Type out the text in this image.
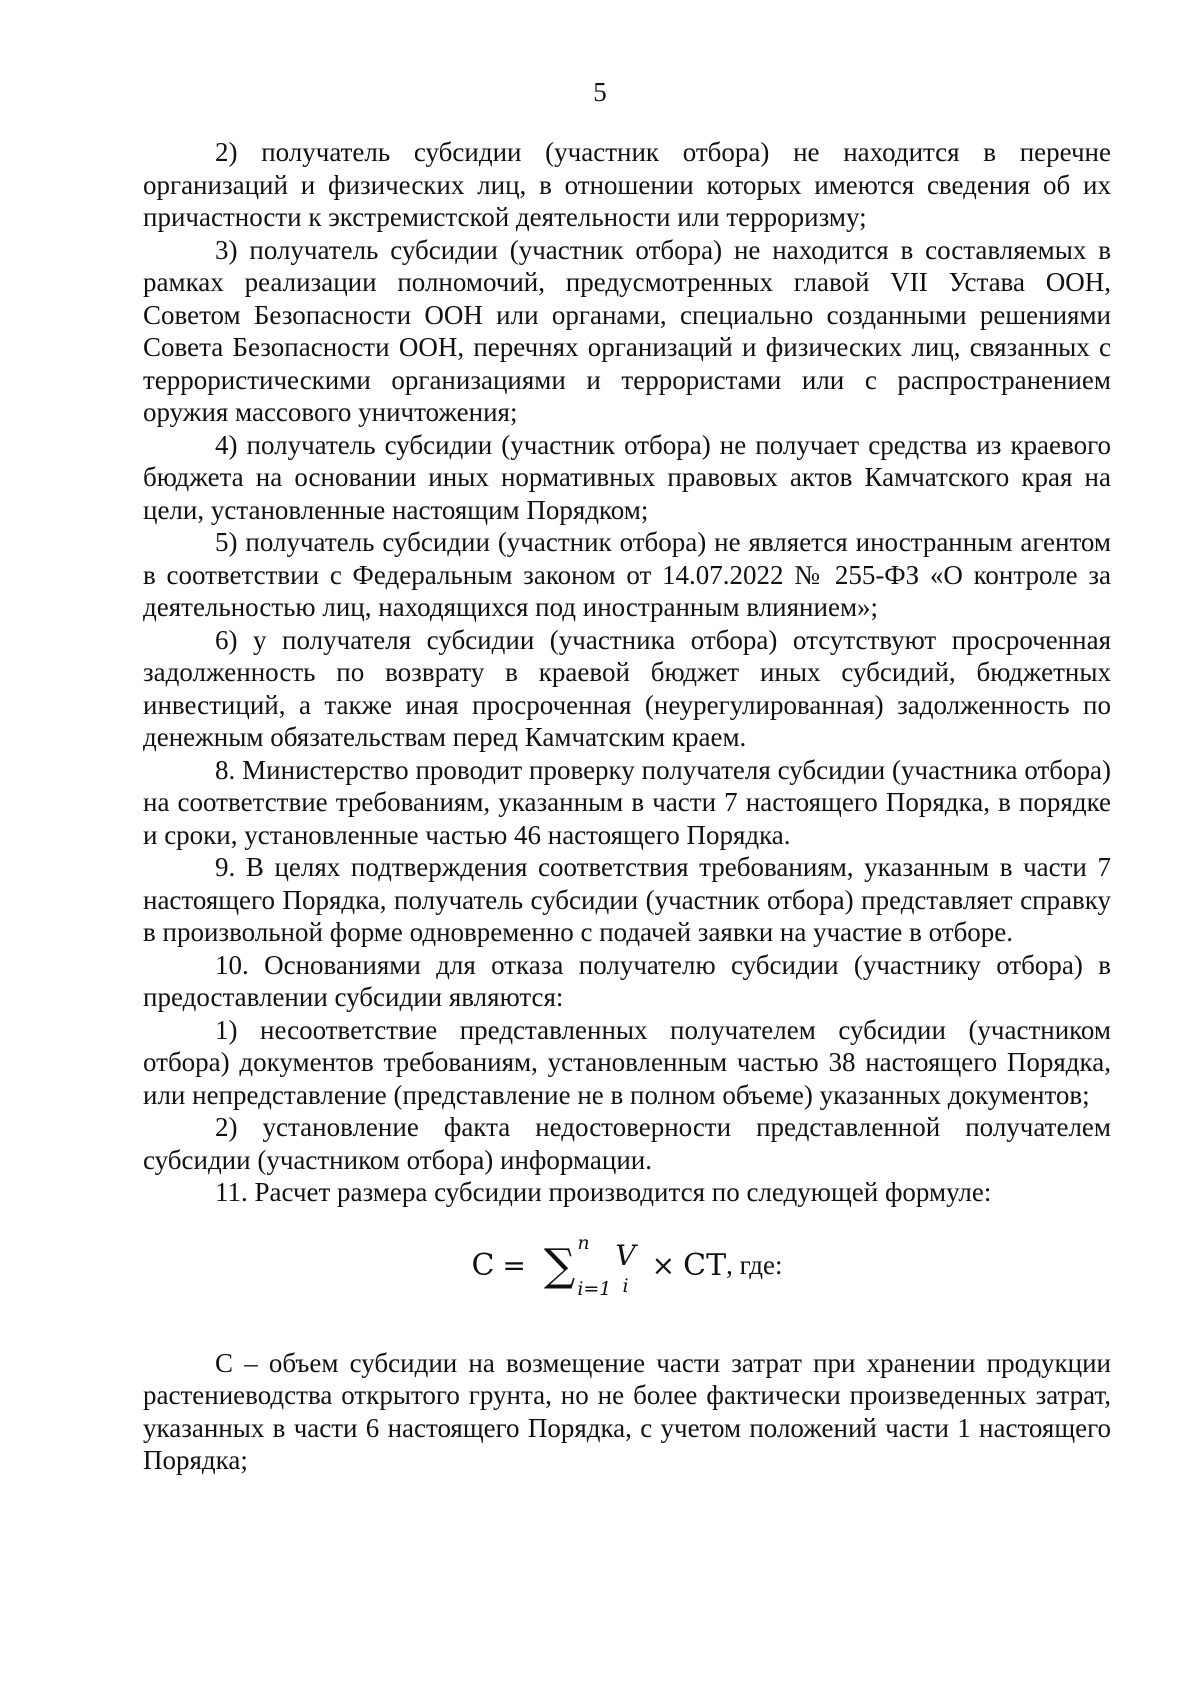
5

2) получатель субсидии (участник отбора) не находится в перечне организаций и физических лиц, в отношении которых имеются сведения об их причастности к экстремистской деятельности или терроризму;

3) получатель субсидии (участник отбора) не находится в составляемых в рамках реализации полномочий, предусмотренных главой VII Устава ООН, Советом Безопасности ООН или органами, специально созданными решениями Совета Безопасности ООН, перечнях организаций и физических лиц, связанных с террористическими организациями и террористами или с распространением оружия массового уничтожения;

4) получатель субсидии (участник отбора) не получает средства из краевого бюджета на основании иных нормативных правовых актов Камчатского края на цели, установленные настоящим Порядком;

5) получатель субсидии (участник отбора) не является иностранным агентом в соответствии с Федеральным законом от 14.07.2022 № 255-ФЗ «О контроле за деятельностью лиц, находящихся под иностранным влиянием»;

6) у получателя субсидии (участника отбора) отсутствуют просроченная задолженность по возврату в краевой бюджет иных субсидий, бюджетных инвестиций, а также иная просроченная (неурегулированная) задолженность по денежным обязательствам перед Камчатским краем.

8. Министерство проводит проверку получателя субсидии (участника отбора) на соответствие требованиям, указанным в части 7 настоящего Порядка, в порядке и сроки, установленные частью 46 настоящего Порядка.

9. В целях подтверждения соответствия требованиям, указанным в части 7 настоящего Порядка, получатель субсидии (участник отбора) представляет справку в произвольной форме одновременно с подачей заявки на участие в отборе.

10. Основаниями для отказа получателю субсидии (участнику отбора) в предоставлении субсидии являются:

1) несоответствие представленных получателем субсидии (участником отбора) документов требованиям, установленным частью 38 настоящего Порядка, или непредставление (представление не в полном объеме) указанных документов;

2) установление факта недостоверности представленной получателем субсидии (участником отбора) информации.

11. Расчет размера субсидии производится по следующей формуле:

C = ∑ n
i=1
V
i
× CT , где:

С – объем субсидии на возмещение части затрат при хранении продукции растениеводства открытого грунта, но не более фактически произведенных затрат, указанных в части 6 настоящего Порядка, с учетом положений части 1 настоящего Порядка;
